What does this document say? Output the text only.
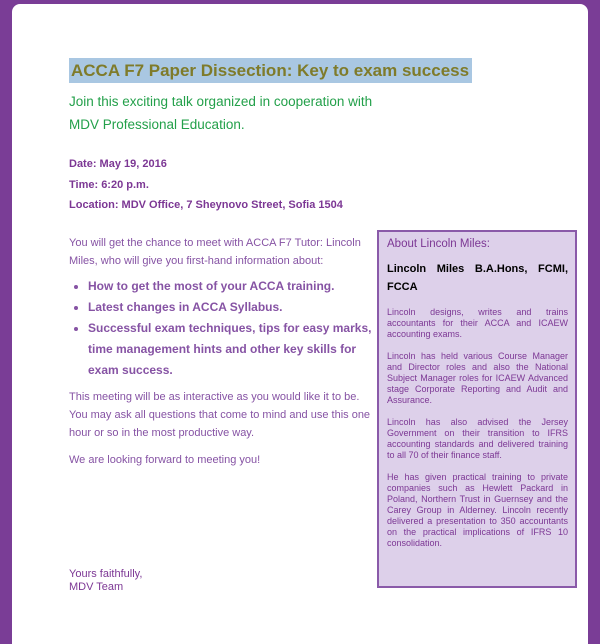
ACCA F7 Paper Dissection: Key to exam success
Join this exciting talk organized in cooperation with
MDV Professional Education.
Date: May 19, 2016
Time: 6:20 p.m.
Location: MDV Office, 7 Sheynovo Street, Sofia 1504

You will get the chance to meet with ACCA F7 Tutor: Lincoln Miles, who will give you first-hand information about:

• How to get the most of your ACCA training.
• Latest changes in ACCA Syllabus.
• Successful exam techniques, tips for easy marks, time management hints and other key skills for exam success.

This meeting will be as interactive as you would like it to be. You may ask all questions that come to mind and use this one hour or so in the most productive way.

We are looking forward to meeting you!

Yours faithfully,
MDV Team
About Lincoln Miles:
Lincoln Miles B.A.Hons, FCMI, FCCA

Lincoln designs, writes and trains accountants for their ACCA and ICAEW accounting exams.

Lincoln has held various Course Manager and Director roles and also the National Subject Manager roles for ICAEW Advanced stage Corporate Reporting and Audit and Assurance.

Lincoln has also advised the Jersey Government on their transition to IFRS accounting standards and delivered training to all 70 of their finance staff.

He has given practical training to private companies such as Hewlett Packard in Poland, Northern Trust in Guernsey and the Carey Group in Alderney. Lincoln recently delivered a presentation to 350 accountants on the practical implications of IFRS 10 consolidation.
